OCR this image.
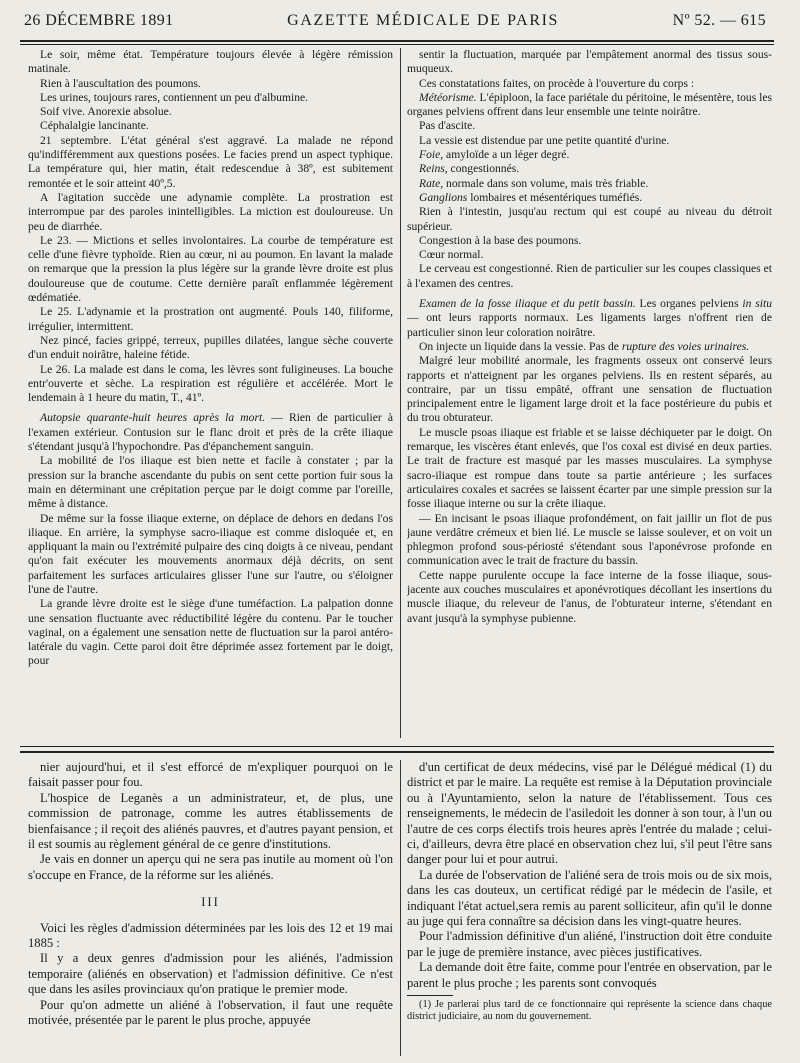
26 DÉCEMBRE 1891	GAZETTE MÉDICALE DE PARIS	Nº 52. — 615

Le soir, même état. Température toujours élevée à légère rémission matinale.

Rien à l'auscultation des poumons.

Les urines, toujours rares, contiennent un peu d'albumine.

Soif vive. Anorexie absolue.

Céphalalgie lancinante.

21 septembre. L'état général s'est aggravé. La malade ne répond qu'indifféremment aux questions posées. Le facies prend un aspect typhique. La température qui, hier matin, était redescendue à 38º, est subitement remontée et le soir atteint 40º,5.

A l'agitation succède une adynamie complète. La prostration est interrompue par des paroles inintelligibles. La miction est douloureuse. Un peu de diarrhée.

Le 23. — Mictions et selles involontaires. La courbe de température est celle d'une fièvre typhoïde. Rien au cœur, ni au poumon. En lavant la malade on remarque que la pression la plus légère sur la grande lèvre droite est plus douloureuse que de coutume. Cette dernière paraît enflammée légèrement œdématiée.

Le 25. L'adynamie et la prostration ont augmenté. Pouls 140, filiforme, irrégulier, intermittent.

Nez pincé, facies grippé, terreux, pupilles dilatées, langue sèche couverte d'un enduit noirâtre, haleine fétide.

Le 26. La malade est dans le coma, les lèvres sont fuligineuses. La bouche entr'ouverte et sèche. La respiration est régulière et accélérée. Mort le lendemain à 1 heure du matin, T., 41º.

Autopsie quarante-huit heures après la mort. — Rien de particulier à l'examen extérieur. Contusion sur le flanc droit et près de la crête iliaque s'étendant jusqu'à l'hypochondre. Pas d'épanchement sanguin.

La mobilité de l'os iliaque est bien nette et facile à constater ; par la pression sur la branche ascendante du pubis on sent cette portion fuir sous la main en déterminant une crépitation perçue par le doigt comme par l'oreille, même à distance.

De même sur la fosse iliaque externe, on déplace de dehors en dedans l'os iliaque. En arrière, la symphyse sacro-iliaque est comme disloquée et, en appliquant la main ou l'extrémité pulpaire des cinq doigts à ce niveau, pendant qu'on fait exécuter les mouvements anormaux déjà décrits, on sent parfaitement les surfaces articulaires glisser l'une sur l'autre, ou s'éloigner l'une de l'autre.

La grande lèvre droite est le siège d'une tuméfaction. La palpation donne une sensation fluctuante avec réductibilité légère du contenu. Par le toucher vaginal, on a également une sensation nette de fluctuation sur la paroi antéro-latérale du vagin. Cette paroi doit être déprimée assez fortement par le doigt, pour

sentir la fluctuation, marquée par l'empâtement anormal des tissus sous-muqueux.

Ces constatations faites, on procède à l'ouverture du corps :

Météorisme. L'épiploon, la face pariétale du péritoine, le mésentère, tous les organes pelviens offrent dans leur ensemble une teinte noirâtre.

Pas d'ascite.

La vessie est distendue par une petite quantité d'urine.

Foie, amyloïde a un léger degré.

Reins, congestionnés.

Rate, normale dans son volume, mais très friable.

Ganglions lombaires et mésentériques tuméfiés.

Rien à l'intestin, jusqu'au rectum qui est coupé au niveau du détroit supérieur.

Congestion à la base des poumons.

Cœur normal.

Le cerveau est congestionné. Rien de particulier sur les coupes classiques et à l'examen des centres.

Examen de la fosse iliaque et du petit bassin. Les organes pelviens in situ — ont leurs rapports normaux. Les ligaments larges n'offrent rien de particulier sinon leur coloration noirâtre.

On injecte un liquide dans la vessie. Pas de rupture des voies urinaires.

Malgré leur mobilité anormale, les fragments osseux ont conservé leurs rapports et n'atteignent par les organes pelviens. Ils en restent séparés, au contraire, par un tissu empâté, offrant une sensation de fluctuation principalement entre le ligament large droit et la face postérieure du pubis et du trou obturateur.

Le muscle psoas iliaque est friable et se laisse déchiqueter par le doigt. On remarque, les viscères étant enlevés, que l'os coxal est divisé en deux parties. Le trait de fracture est masqué par les masses musculaires. La symphyse sacro-iliaque est rompue dans toute sa partie antérieure ; les surfaces articulaires coxales et sacrées se laissent écarter par une simple pression sur la fosse iliaque interne ou sur la crête iliaque.

— En incisant le psoas iliaque profondément, on fait jaillir un flot de pus jaune verdâtre crémeux et bien lié. Le muscle se laisse soulever, et on voit un phlegmon profond sous-périosté s'étendant sous l'aponévrose profonde en communication avec le trait de fracture du bassin.

Cette nappe purulente occupe la face interne de la fosse iliaque, sous-jacente aux couches musculaires et aponévrotiques décollant les insertions du muscle iliaque, du releveur de l'anus, de l'obturateur interne, s'étendant en avant jusqu'à la symphyse pubienne.

nier aujourd'hui, et il s'est efforcé de m'expliquer pourquoi on le faisait passer pour fou.

L'hospice de Leganès a un administrateur, et, de plus, une commission de patronage, comme les autres établissements de bienfaisance ; il reçoit des aliénés pauvres, et d'autres payant pension, et il est soumis au règlement général de ce genre d'institutions.

Je vais en donner un aperçu qui ne sera pas inutile au moment où l'on s'occupe en France, de la réforme sur les aliénés.

III

Voici les règles d'admission déterminées par les lois des 12 et 19 mai 1885 :

Il y a deux genres d'admission pour les aliénés, l'admission temporaire (aliénés en observation) et l'admission définitive. Ce n'est que dans les asiles provinciaux qu'on pratique le premier mode.

Pour qu'on admette un aliéné à l'observation, il faut une requête motivée, présentée par le parent le plus proche, appuyée

d'un certificat de deux médecins, visé par le Délégué médical (1) du district et par le maire. La requête est remise à la Députation provinciale ou à l'Ayuntamiento, selon la nature de l'établissement. Tous ces renseignements, le médecin de l'asiledoit les donner à son tour, à l'un ou l'autre de ces corps électifs trois heures après l'entrée du malade ; celui-ci, d'ailleurs, devra être placé en observation chez lui, s'il peut l'être sans danger pour lui et pour autrui.

La durée de l'observation de l'aliéné sera de trois mois ou de six mois, dans les cas douteux, un certificat rédigé par le médecin de l'asile, et indiquant l'état actuel,sera remis au parent solliciteur, afin qu'il le donne au juge qui fera connaître sa décision dans les vingt-quatre heures.

Pour l'admission définitive d'un aliéné, l'instruction doit être conduite par le juge de première instance, avec pièces justificatives.

La demande doit être faite, comme pour l'entrée en observation, par le parent le plus proche ; les parents sont convoqués

(1) Je parlerai plus tard de ce fonctionnaire qui représente la science dans chaque district judiciaire, au nom du gouvernement.
